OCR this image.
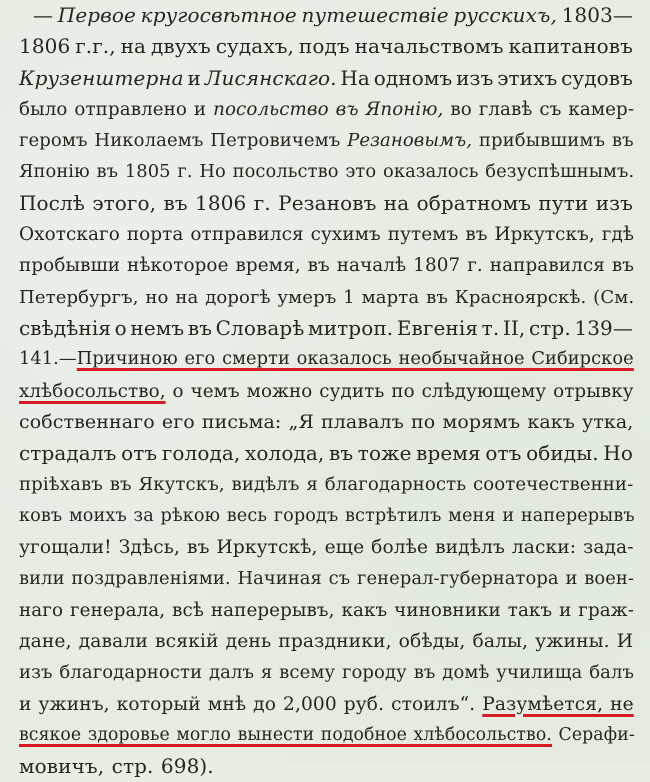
— Первое кругосвѣтное путешествіе русскихъ, 1803—
1806 г.г., на двухъ судахъ, подъ начальствомъ капитановъ
Крузенштерна и Лисянскаго. На одномъ изъ этихъ судовъ
было отправлено и посольство въ Японію, во главѣ съ камер-
геромъ Николаемъ Петровичемъ Резановымъ, прибывшимъ въ
Японію въ 1805 г. Но посольство это оказалось безуспѣшнымъ.
Послѣ этого, въ 1806 г. Резановъ на обратномъ пути изъ
Охотскаго порта отправился сухимъ путемъ въ Иркутскъ, гдѣ
пробывши нѣкоторое время, въ началѣ 1807 г. направился въ
Петербургъ, но на дорогѣ умеръ 1 марта въ Красноярскѣ. (См.
свѣдѣнія о немъ въ Словарѣ митроп. Евгенія т. II, стр. 139—
141.—Причиною его смерти оказалось необычайное Сибирское
хлѣбосольство, о чемъ можно судить по слѣдующему отрывку
собственнаго его письма: „Я плавалъ по морямъ какъ утка,
страдалъ отъ голода, холода, въ тоже время отъ обиды. Но
пріѣхавъ въ Якутскъ, видѣлъ я благодарность соотечественни-
ковъ моихъ за рѣкою весь городъ встрѣтилъ меня и наперерывъ
угощали! Здѣсь, въ Иркутскѣ, еще болѣе видѣлъ ласки: зада-
вили поздравленіями. Начиная съ генерал-губернатора и воен-
наго генерала, всѣ наперерывъ, какъ чиновники такъ и граж-
дане, давали всякій день праздники, обѣды, балы, ужины. И
изъ благодарности далъ я всему городу въ домѣ училища балъ
и ужинъ, который мнѣ до 2,000 руб. стоилъ“. Разумѣется, не
всякое здоровье могло вынести подобное хлѣбосольство. Серафи-
мовичъ, стр. 698).
